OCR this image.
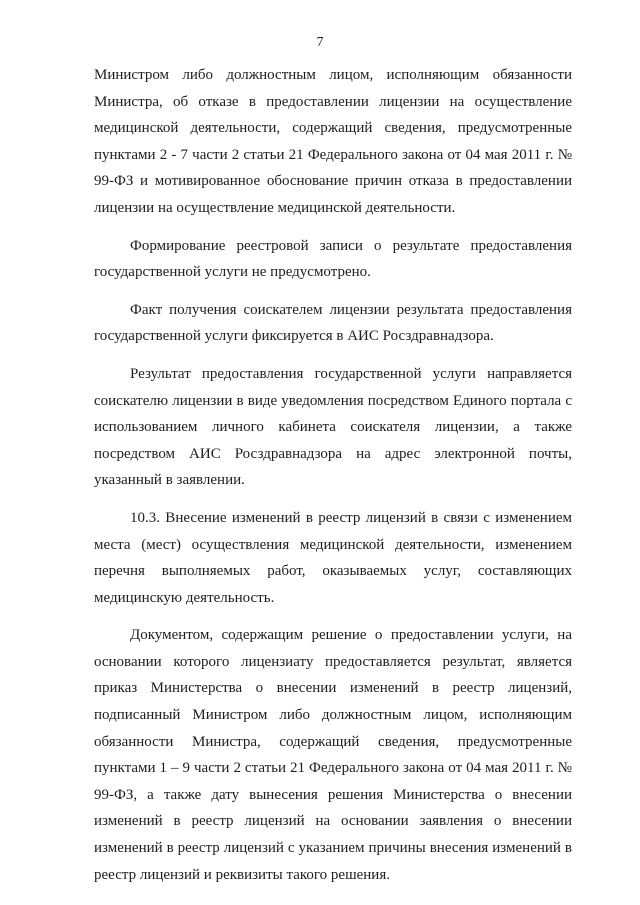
7

Министром либо должностным лицом, исполняющим обязанности Министра, об отказе в предоставлении лицензии на осуществление медицинской деятельности, содержащий сведения, предусмотренные пунктами 2 - 7 части 2 статьи 21 Федерального закона от 04 мая 2011 г. № 99-ФЗ и мотивированное обоснование причин отказа в предоставлении лицензии на осуществление медицинской деятельности.

Формирование реестровой записи о результате предоставления государственной услуги не предусмотрено.

Факт получения соискателем лицензии результата предоставления государственной услуги фиксируется в АИС Росздравнадзора.

Результат предоставления государственной услуги направляется соискателю лицензии в виде уведомления посредством Единого портала с использованием личного кабинета соискателя лицензии, а также посредством АИС Росздравнадзора на адрес электронной почты, указанный в заявлении.

10.3. Внесение изменений в реестр лицензий в связи с изменением места (мест) осуществления медицинской деятельности, изменением перечня выполняемых работ, оказываемых услуг, составляющих медицинскую деятельность.

Документом, содержащим решение о предоставлении услуги, на основании которого лицензиату предоставляется результат, является приказ Министерства о внесении изменений в реестр лицензий, подписанный Министром либо должностным лицом, исполняющим обязанности Министра, содержащий сведения, предусмотренные пунктами 1 – 9 части 2 статьи 21 Федерального закона от 04 мая 2011 г. № 99-ФЗ, а также дату вынесения решения Министерства о внесении изменений в реестр лицензий на основании заявления о внесении изменений в реестр лицензий с указанием причины внесения изменений в реестр лицензий и реквизиты такого решения.
